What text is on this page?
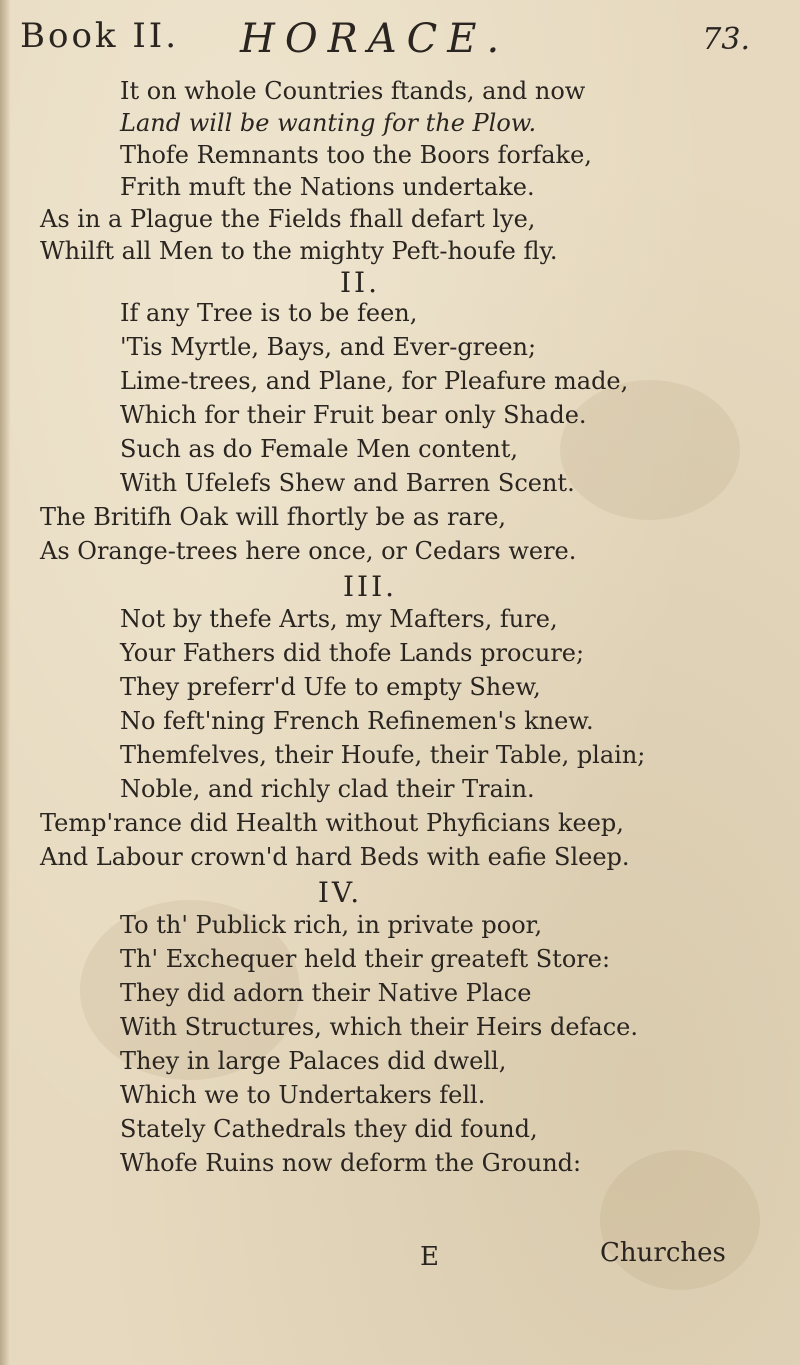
Book II. HORACE.	73.
It on whole Countries ftands, and now
Land will be wanting for the Plow.
Thofe Remnants too the Boors forfake,
Frith muft the Nations undertake.
As in a Plague the Fields fhall defart lye,
Whilft all Men to the mighty Peft-houfe fly.
II.
If any Tree is to be feen,
'Tis Myrtle, Bays, and Ever-green;
Lime-trees, and Plane, for Pleafure made,
Which for their Fruit bear only Shade.
Such as do Female Men content,
With Ufelefs Shew and Barren Scent.
The Britifh Oak will fhortly be as rare,
As Orange-trees here once, or Cedars were.
III.
Not by thefe Arts, my Mafters, fure,
Your Fathers did thofe Lands procure;
They preferr'd Ufe to empty Shew,
No feft'ning French Refinemen's knew.
Themfelves, their Houfe, their Table, plain;
Noble, and richly clad their Train.
Temp'rance did Health without Phyficians keep,
And Labour crown'd hard Beds with eafie Sleep.
IV.
To th' Publick rich, in private poor,
Th' Exchequer held their greateft Store:
They did adorn their Native Place
With Structures, which their Heirs deface.
They in large Palaces did dwell,
Which we to Undertakers fell.
Stately Cathedrals they did found,
Whofe Ruins now deform the Ground:
E	Churches
